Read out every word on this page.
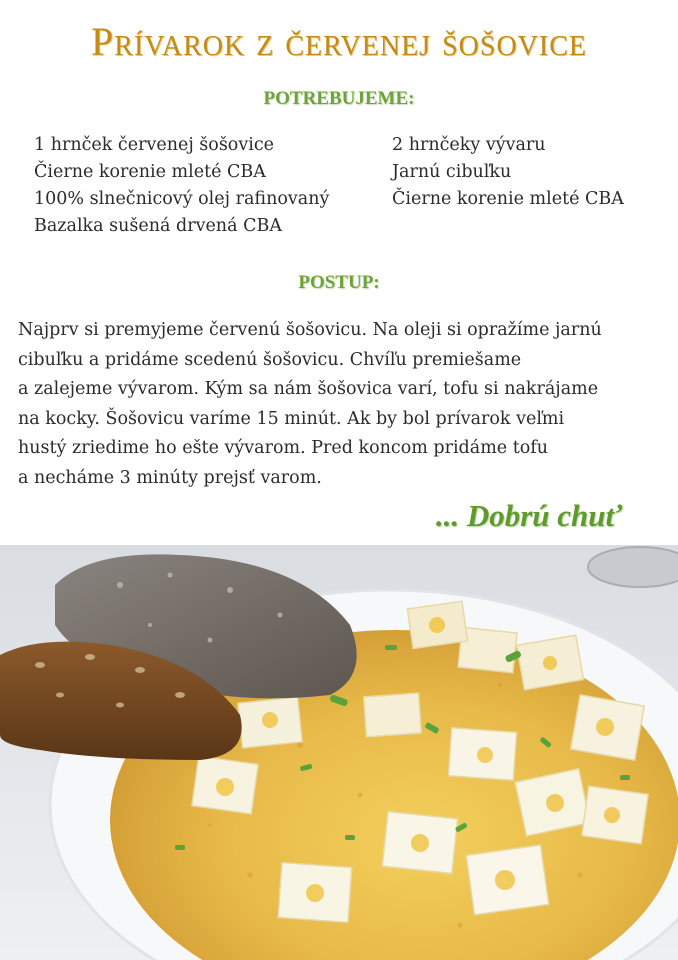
Prívarok z červenej šošovice
POTREBUJEME:
1 hrnček červenej šošovice
Čierne korenie mleté CBA
100% slnečnicový olej rafinovaný
Bazalka sušená drvená CBA
2 hrnčeky vývaru
Jarnú cibuľku
Čierne korenie mleté CBA
POSTUP:
Najprv si premyjeme červenú šošovicu. Na oleji si opražíme jarnú
cibuľku a pridáme scedenú šošovicu. Chvíľu premiešame
a zalejeme vývarom. Kým sa nám šošovica varí, tofu si nakrájame
na kocky. Šošovicu varíme 15 minút. Ak by bol prívarok veľmi
hustý zriedime ho ešte vývarom. Pred koncom pridáme tofu
a necháme 3 minúty prejsť varom.
... Dobrú chuť
